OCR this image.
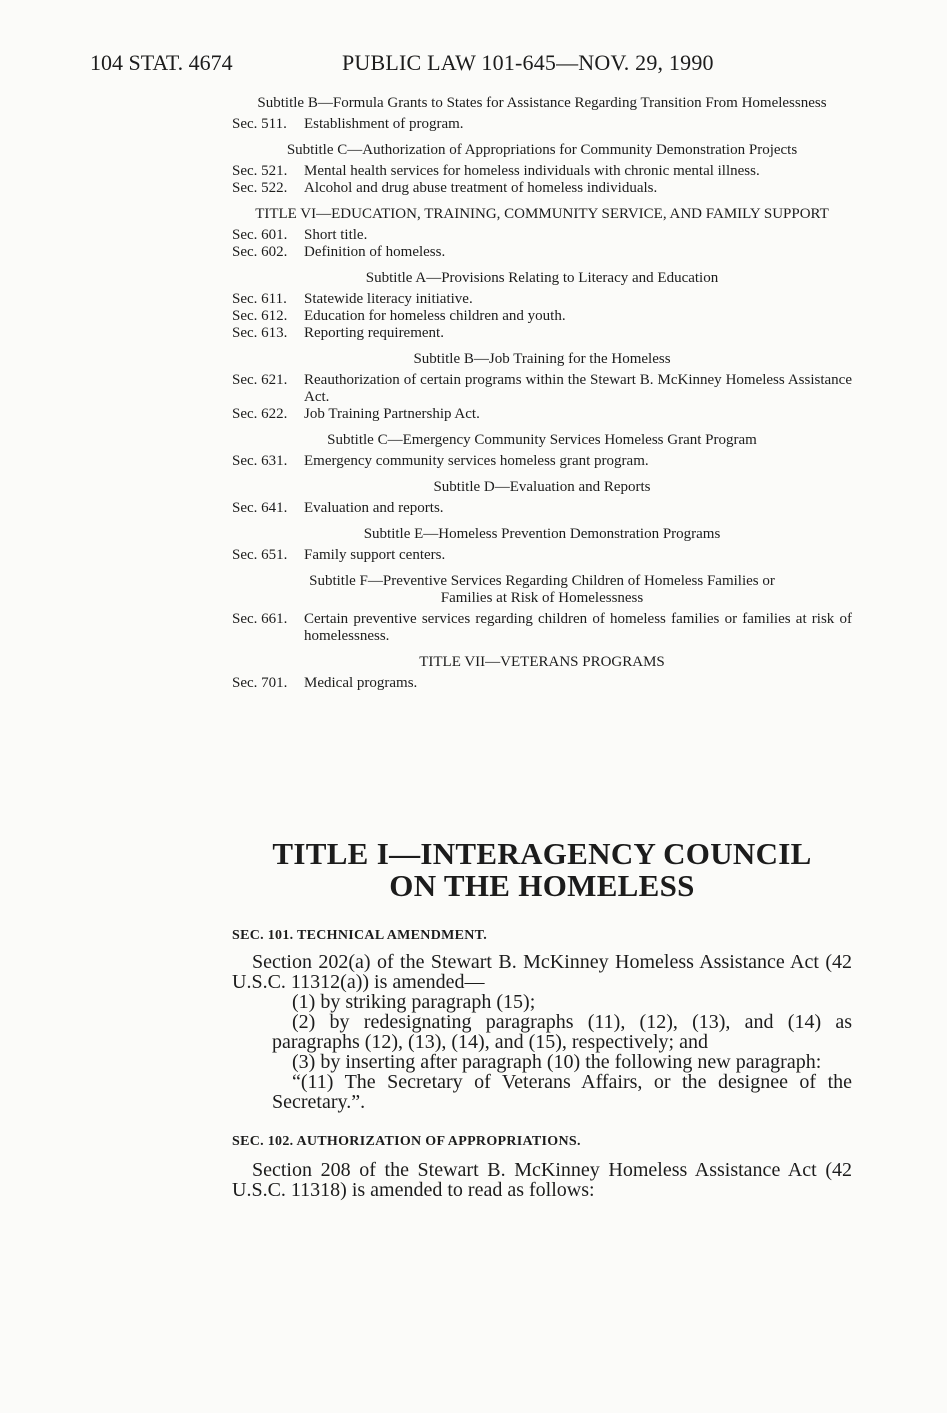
104 STAT. 4674	PUBLIC LAW 101-645—NOV. 29, 1990

Subtitle B—Formula Grants to States for Assistance Regarding Transition From Homelessness

Sec. 511.	Establishment of program.

Subtitle C—Authorization of Appropriations for Community Demonstration Projects

Sec. 521.	Mental health services for homeless individuals with chronic mental illness.
Sec. 522.	Alcohol and drug abuse treatment of homeless individuals.

TITLE VI—EDUCATION, TRAINING, COMMUNITY SERVICE, AND FAMILY SUPPORT

Sec. 601.	Short title.
Sec. 602.	Definition of homeless.

Subtitle A—Provisions Relating to Literacy and Education

Sec. 611.	Statewide literacy initiative.
Sec. 612.	Education for homeless children and youth.
Sec. 613.	Reporting requirement.

Subtitle B—Job Training for the Homeless

Sec. 621.	Reauthorization of certain programs within the Stewart B. McKinney Homeless Assistance Act.
Sec. 622.	Job Training Partnership Act.

Subtitle C—Emergency Community Services Homeless Grant Program

Sec. 631.	Emergency community services homeless grant program.

Subtitle D—Evaluation and Reports

Sec. 641.	Evaluation and reports.

Subtitle E—Homeless Prevention Demonstration Programs

Sec. 651.	Family support centers.

Subtitle F—Preventive Services Regarding Children of Homeless Families or Families at Risk of Homelessness

Sec. 661.	Certain preventive services regarding children of homeless families or families at risk of homelessness.

TITLE VII—VETERANS PROGRAMS

Sec. 701.	Medical programs.
TITLE I—INTERAGENCY COUNCIL ON THE HOMELESS
SEC. 101. TECHNICAL AMENDMENT.

Section 202(a) of the Stewart B. McKinney Homeless Assistance Act (42 U.S.C. 11312(a)) is amended—

(1) by striking paragraph (15);

(2) by redesignating paragraphs (11), (12), (13), and (14) as paragraphs (12), (13), (14), and (15), respectively; and

(3) by inserting after paragraph (10) the following new paragraph:

“(11) The Secretary of Veterans Affairs, or the designee of the Secretary.”.

SEC. 102. AUTHORIZATION OF APPROPRIATIONS.

Section 208 of the Stewart B. McKinney Homeless Assistance Act (42 U.S.C. 11318) is amended to read as follows:
